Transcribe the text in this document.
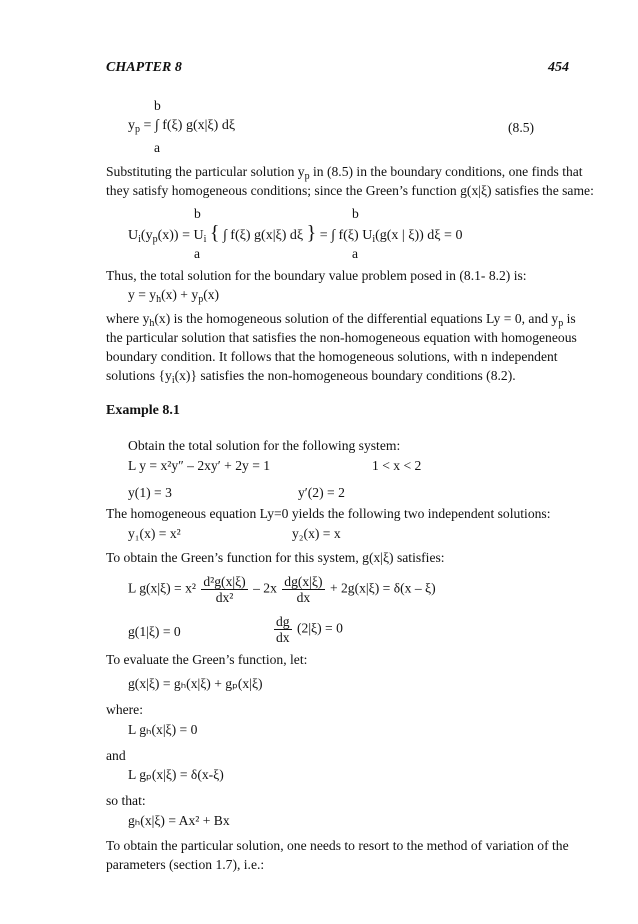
CHAPTER 8	454
b
$y_p$ = ∫ f(ξ) g(x|ξ) dξ
a
(8.5)
Substituting the particular solution $y_p$ in (8.5) in the boundary conditions, one finds that
they satisfy homogeneous conditions; since the Green’s function g(x|ξ) satisfies the same:
b
a
b
a
$U_i(y_p(x)) = U_i$ { ∫ f(ξ) g(x|ξ) dξ } = ∫ f(ξ) $U_i(g(x$ | ξ)) dξ = 0
Thus, the total solution for the boundary value problem posed in (8.1- 8.2) is:
$y = y_h(x) + y_p(x)$
where $y_h(x)$ is the homogeneous solution of the differential equations Ly = 0, and $y_p$ is
the particular solution that satisfies the non-homogeneous equation with homogeneous
boundary condition. It follows that the homogeneous solutions, with n independent
solutions $\{y_i(x)\}$ satisfies the non-homogeneous boundary conditions (8.2).
Example 8.1
Obtain the total solution for the following system:
L y = x²y″ – 2xy′ + 2y = 1	1 < x < 2
y(1) = 3	y′(2) = 2
The homogeneous equation Ly=0 yields the following two independent solutions:
y₁(x) = x²	y₂(x) = x
To obtain the Green’s function for this system, g(x|ξ) satisfies:
L $g(x|\xi) = x^2 \frac{\text{d²g(x|ξ)}}{\text{dx²}} - 2x \frac{dg(x|\xi)}{dx} + 2g(x|\xi) = \delta(x - \xi)$
g(1|ξ) = 0	$\frac{dg}{dx} (2|\xi) = 0$
To evaluate the Green’s function, let:
g(x|ξ) = gₕ(x|ξ) + gₚ(x|ξ)
where:
L gₕ(x|ξ) = 0
and
L gₚ(x|ξ) = δ(x-ξ)
so that:
gₕ(x|ξ) = Ax² + Bx
To obtain the particular solution, one needs to resort to the method of variation of the
parameters (section 1.7), i.e.:
